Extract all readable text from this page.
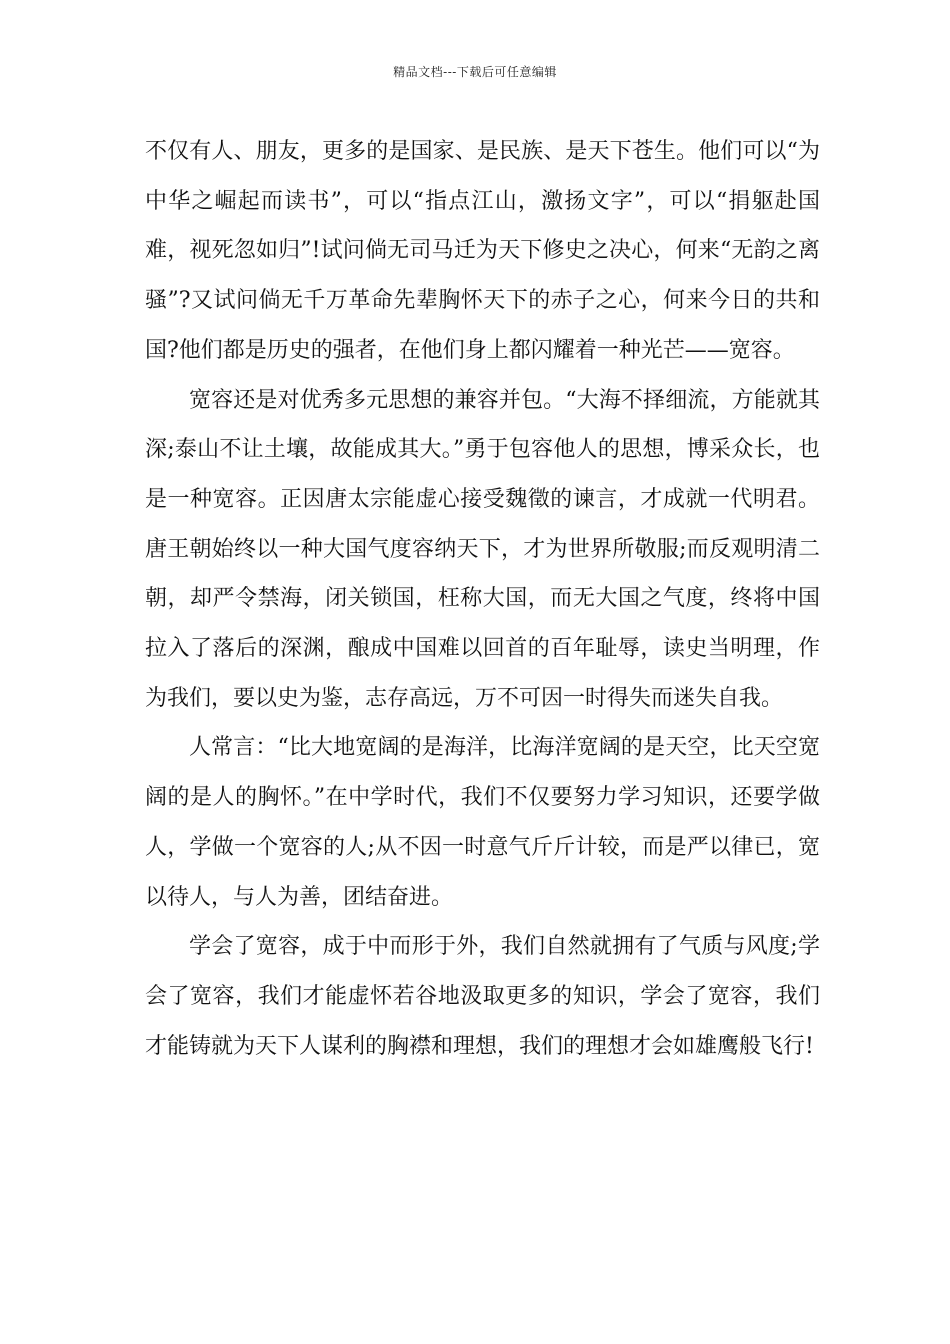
精品文档---下载后可任意编辑

不仅有人、朋友，更多的是国家、是民族、是天下苍生。他们可以“为中华之崛起而读书”，可以“指点江山，激扬文字”，可以“捐躯赴国难，视死忽如归”!试问倘无司马迁为天下修史之决心，何来“无韵之离骚”?又试问倘无千万革命先辈胸怀天下的赤子之心，何来今日的共和国?他们都是历史的强者，在他们身上都闪耀着一种光芒——宽容。

宽容还是对优秀多元思想的兼容并包。“大海不择细流，方能就其深;泰山不让土壤，故能成其大。”勇于包容他人的思想，博采众长，也是一种宽容。正因唐太宗能虚心接受魏徵的谏言，才成就一代明君。唐王朝始终以一种大国气度容纳天下，才为世界所敬服;而反观明清二朝，却严令禁海，闭关锁国，枉称大国，而无大国之气度，终将中国拉入了落后的深渊，酿成中国难以回首的百年耻辱，读史当明理，作为我们，要以史为鉴，志存高远，万不可因一时得失而迷失自我。

人常言：“比大地宽阔的是海洋，比海洋宽阔的是天空，比天空宽阔的是人的胸怀。”在中学时代，我们不仅要努力学习知识，还要学做人，学做一个宽容的人;从不因一时意气斤斤计较，而是严以律已，宽以待人，与人为善，团结奋进。

学会了宽容，成于中而形于外，我们自然就拥有了气质与风度;学会了宽容，我们才能虚怀若谷地汲取更多的知识，学会了宽容，我们才能铸就为天下人谋利的胸襟和理想，我们的理想才会如雄鹰般飞行!
